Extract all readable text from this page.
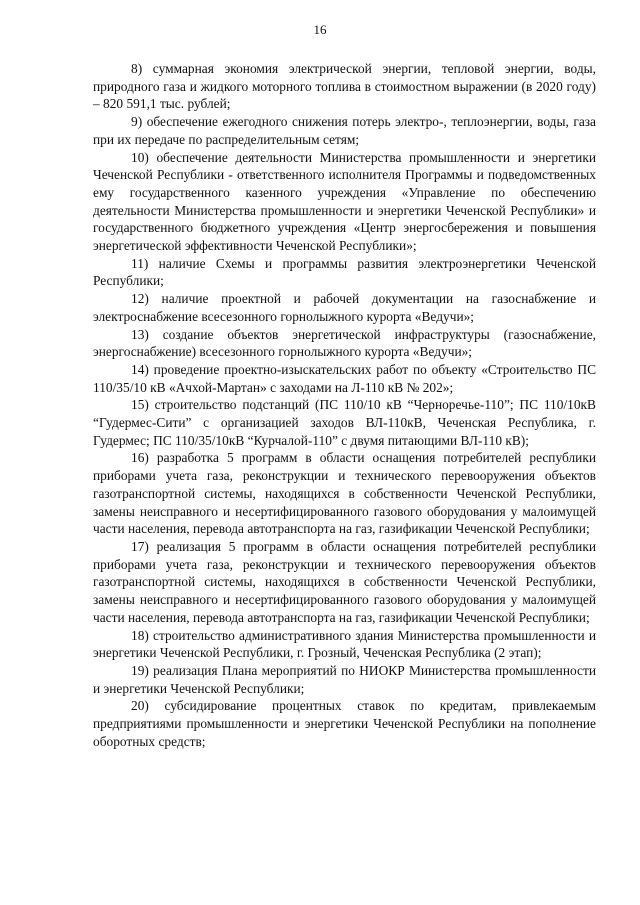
16

8) суммарная экономия электрической энергии, тепловой энергии, воды, природного газа и жидкого моторного топлива в стоимостном выражении (в 2020 году) – 820 591,1 тыс. рублей;

9) обеспечение ежегодного снижения потерь электро-, теплоэнергии, воды, газа при их передаче по распределительным сетям;

10) обеспечение деятельности Министерства промышленности и энергетики Чеченской Республики - ответственного исполнителя Программы и подведомственных ему государственного казенного учреждения «Управление по обеспечению деятельности Министерства промышленности и энергетики Чеченской Республики» и государственного бюджетного учреждения «Центр энергосбережения и повышения энергетической эффективности Чеченской Республики»;

11) наличие Схемы и программы развития электроэнергетики Чеченской Республики;

12) наличие проектной и рабочей документации на газоснабжение и электроснабжение всесезонного горнолыжного курорта «Ведучи»;

13) создание объектов энергетической инфраструктуры (газоснабжение, энергоснабжение) всесезонного горнолыжного курорта «Ведучи»;

14) проведение проектно-изыскательских работ по объекту «Строительство ПС 110/35/10 кВ «Ачхой-Мартан» с заходами на Л-110 кВ № 202»;

15) строительство подстанций (ПС 110/10 кВ “Черноречье-110”; ПС 110/10кВ “Гудермес-Сити” с организацией заходов ВЛ-110кВ, Чеченская Республика, г. Гудермес; ПС 110/35/10кВ “Курчалой-110” с двумя питающими ВЛ-110 кВ);

16) разработка 5 программ в области оснащения потребителей республики приборами учета газа, реконструкции и технического перевооружения объектов газотранспортной системы, находящихся в собственности Чеченской Республики, замены неисправного и несертифицированного газового оборудования у малоимущей части населения, перевода автотранспорта на газ, газификации Чеченской Республики;

17) реализация 5 программ в области оснащения потребителей республики приборами учета газа, реконструкции и технического перевооружения объектов газотранспортной системы, находящихся в собственности Чеченской Республики, замены неисправного и несертифицированного газового оборудования у малоимущей части населения, перевода автотранспорта на газ, газификации Чеченской Республики;

18) строительство административного здания Министерства промышленности и энергетики Чеченской Республики, г. Грозный, Чеченская Республика (2 этап);

19) реализация Плана мероприятий по НИОКР Министерства промышленности и энергетики Чеченской Республики;

20) субсидирование процентных ставок по кредитам, привлекаемым предприятиями промышленности и энергетики Чеченской Республики на пополнение оборотных средств;
